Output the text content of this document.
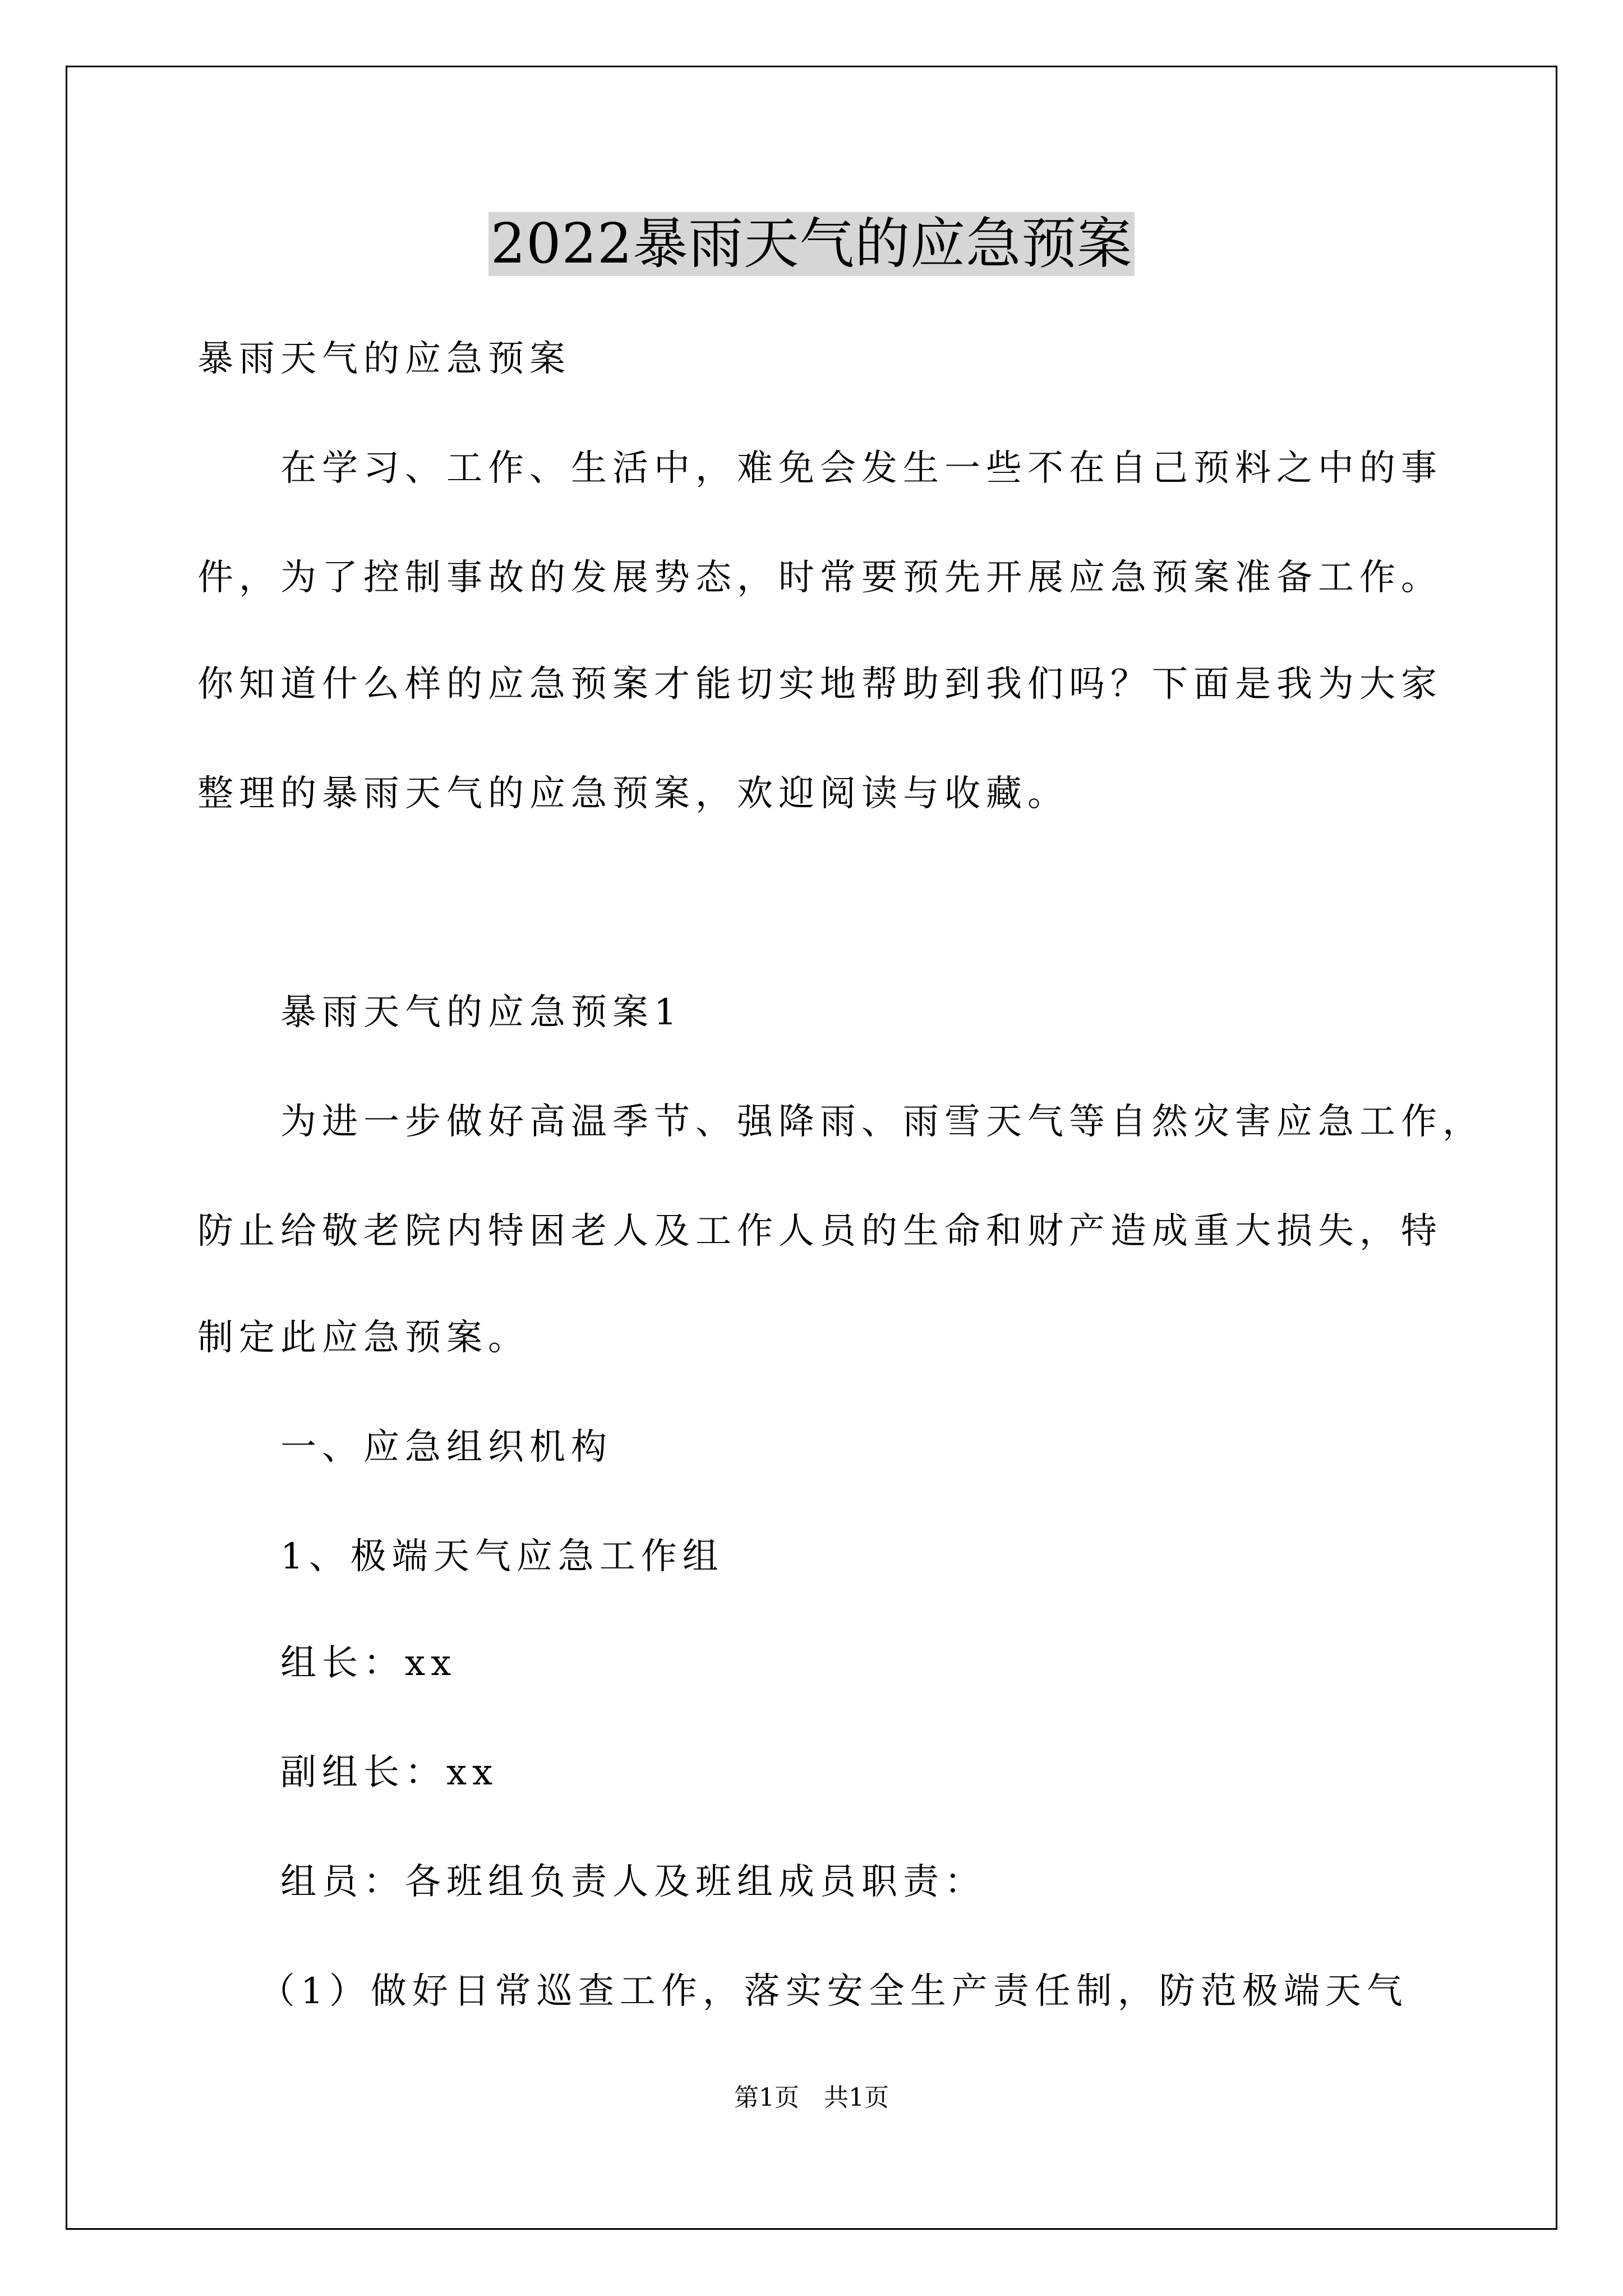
2022暴雨天气的应急预案
暴雨天气的应急预案
在学习、工作、生活中，难免会发生一些不在自己预料之中的事
件，为了控制事故的发展势态，时常要预先开展应急预案准备工作。
你知道什么样的应急预案才能切实地帮助到我们吗？下面是我为大家
整理的暴雨天气的应急预案，欢迎阅读与收藏。
暴雨天气的应急预案1
为进一步做好高温季节、强降雨、雨雪天气等自然灾害应急工作，
防止给敬老院内特困老人及工作人员的生命和财产造成重大损失，特
制定此应急预案。
一、应急组织机构
1、极端天气应急工作组
组长：xx
副组长：xx
组员：各班组负责人及班组成员职责：
（1）做好日常巡查工作，落实安全生产责任制，防范极端天气
第1页　共1页
